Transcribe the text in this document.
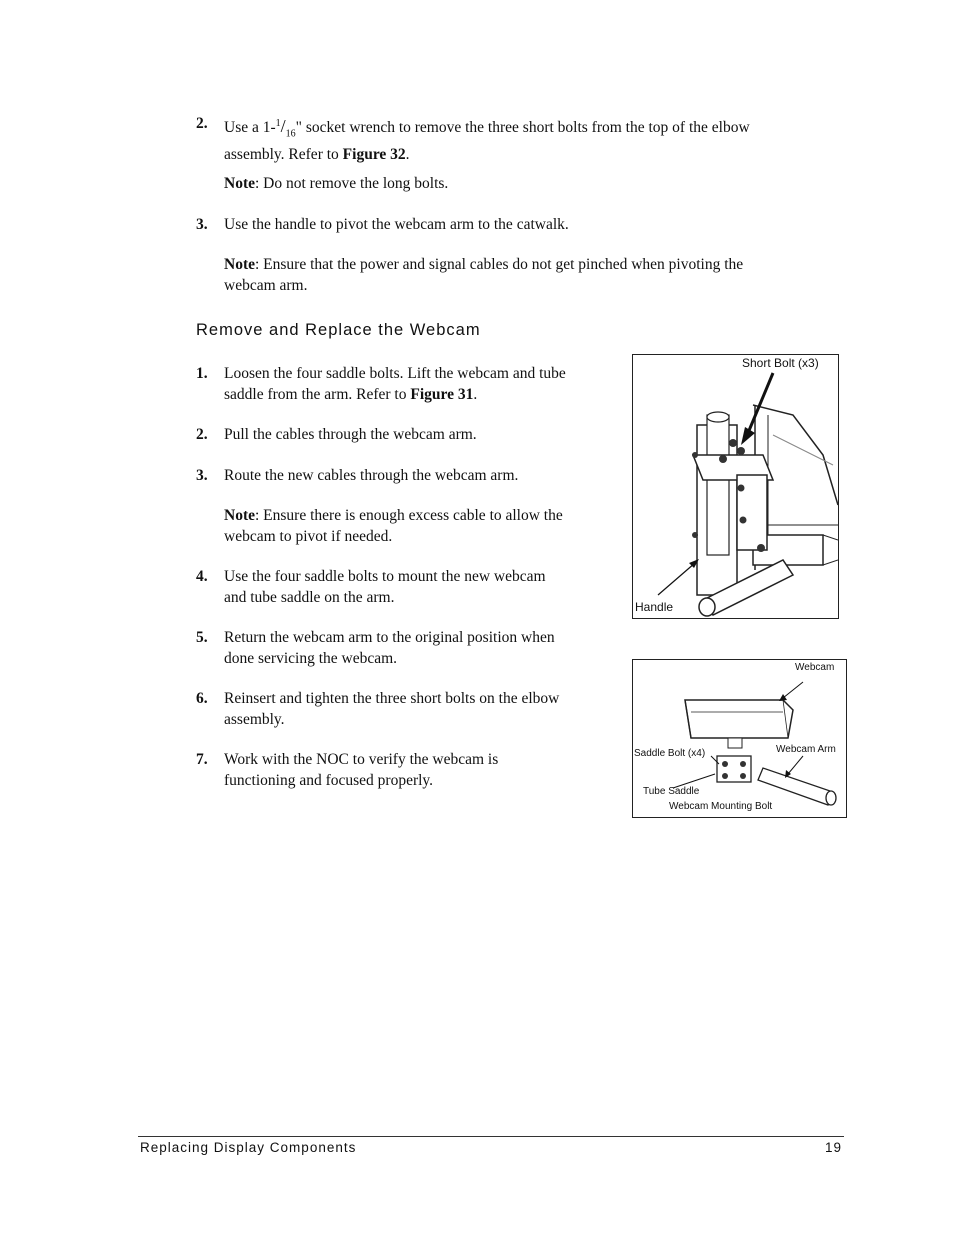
2. Use a $1-^1/_{16}$" socket wrench to remove the three short bolts from the top of the elbow
assembly. Refer to Figure 32.
Note: Do not remove the long bolts.
3. Use the handle to pivot the webcam arm to the catwalk.
Note: Ensure that the power and signal cables do not get pinched when pivoting the
webcam arm.
Remove and Replace the Webcam
1. Loosen the four saddle bolts. Lift the webcam and tube
saddle from the arm. Refer to Figure 31.
2. Pull the cables through the webcam arm.
3. Route the new cables through the webcam arm.
Note: Ensure there is enough excess cable to allow the
webcam to pivot if needed.
4. Use the four saddle bolts to mount the new webcam
and tube saddle on the arm.
5. Return the webcam arm to the original position when
done servicing the webcam.
6. Reinsert and tighten the three short bolts on the elbow
assembly.
7. Work with the NOC to verify the webcam is
functioning and focused properly.
Short Bolt (x3)
Handle
Webcam
Saddle Bolt (x4)	Webcam Arm
Tube Saddle
Webcam Mounting Bolt
Replacing Display Components	19
